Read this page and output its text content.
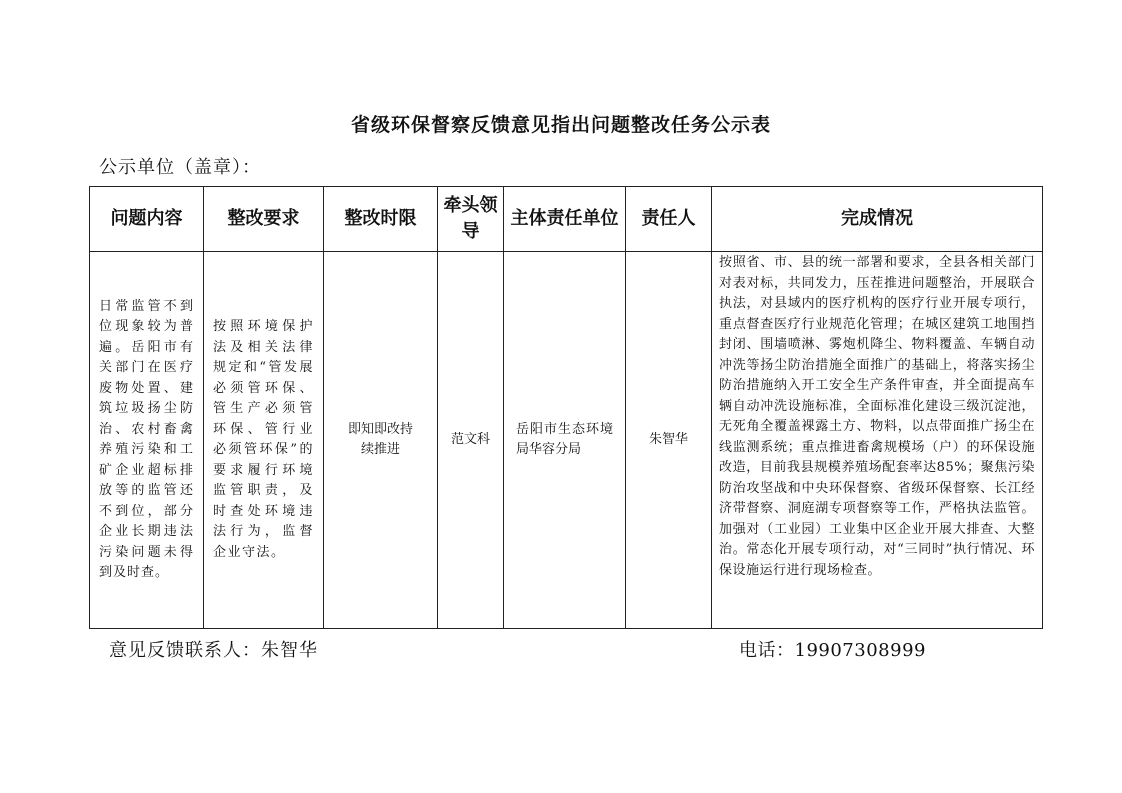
省级环保督察反馈意见指出问题整改任务公示表
公示单位（盖章）：
问题内容	整改要求	整改时限	牵头领导	主体责任单位	责任人	完成情况
日常监管不到位现象较为普遍。岳阳市有关部门在医疗废物处置、建筑垃圾扬尘防治、农村畜禽养殖污染和工矿企业超标排放等的监管还不到位，部分企业长期违法污染问题未得到及时查。	按照环境保护法及相关法律规定和“管发展必须管环保、管生产必须管环保、管行业必须管环保”的要求履行环境监管职责，及时查处环境违法行为，监督企业守法。	即知即改持续推进	范文科	岳阳市生态环境局华容分局	朱智华	按照省、市、县的统一部署和要求，全县各相关部门对表对标，共同发力，压茬推进问题整治，开展联合执法，对县域内的医疗机构的医疗行业开展专项行，重点督查医疗行业规范化管理；在城区建筑工地围挡封闭、围墙喷淋、雾炮机降尘、物料覆盖、车辆自动冲洗等扬尘防治措施全面推广的基础上，将落实扬尘防治措施纳入开工安全生产条件审查，并全面提高车辆自动冲洗设施标准，全面标准化建设三级沉淀池，无死角全覆盖裸露土方、物料，以点带面推广扬尘在线监测系统；重点推进畜禽规模场（户）的环保设施改造，目前我县规模养殖场配套率达85%；聚焦污染防治攻坚战和中央环保督察、省级环保督察、长江经济带督察、洞庭湖专项督察等工作，严格执法监管。加强对（工业园）工业集中区企业开展大排查、大整治。常态化开展专项行动，对“三同时”执行情况、环保设施运行进行现场检查。
意见反馈联系人：朱智华	电话：19907308999
